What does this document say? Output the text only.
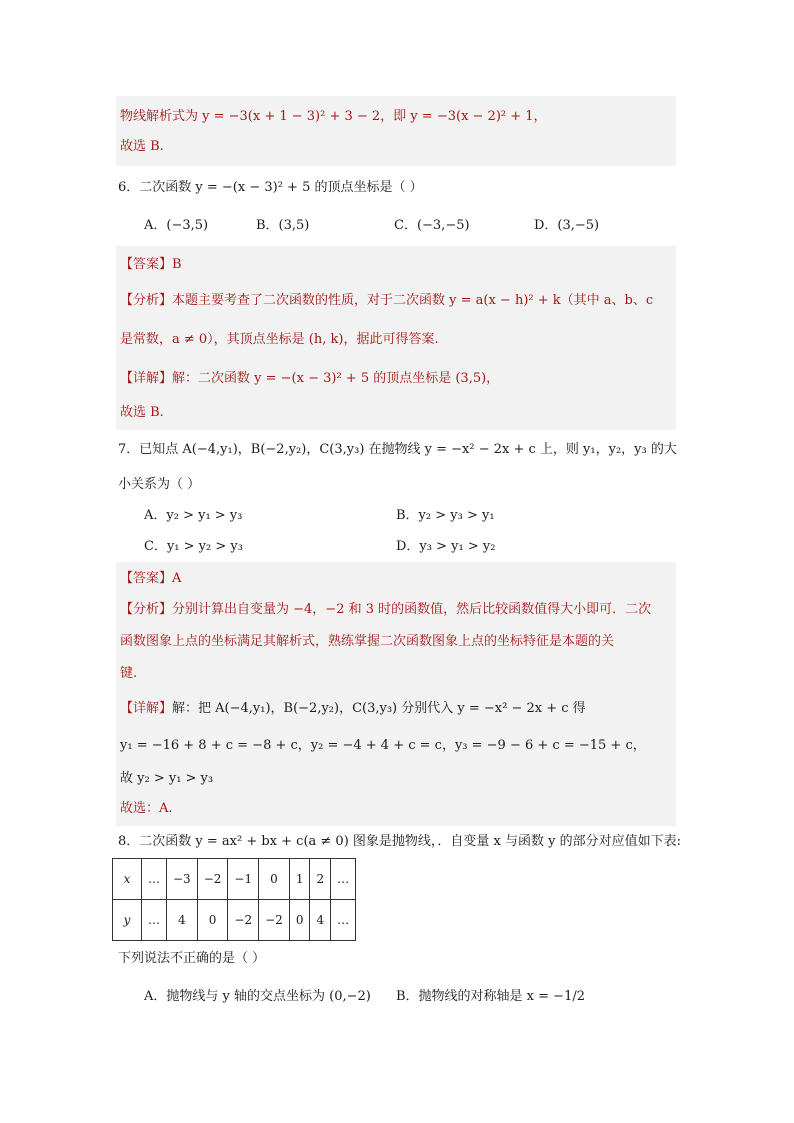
物线解析式为 y = −3(x + 1 − 3)² + 3 − 2，即 y = −3(x − 2)² + 1，
故选 B.
6．二次函数 y = −(x − 3)² + 5 的顶点坐标是（ ）
A．(−3,5)	B．(3,5)	C．(−3,−5)	D．(3,−5)
【答案】B
【分析】本题主要考查了二次函数的性质，对于二次函数 y = a(x − h)² + k（其中 a、b、c
是常数，a ≠ 0），其顶点坐标是 (h, k)，据此可得答案.
【详解】解：二次函数 y = −(x − 3)² + 5 的顶点坐标是 (3,5)，
故选 B.
7．已知点 A(−4,y₁)，B(−2,y₂)，C(3,y₃) 在抛物线 y = −x² − 2x + c 上，则 y₁，y₂，y₃ 的大
小关系为（ ）
A．y₂ > y₁ > y₃	B．y₂ > y₃ > y₁
C．y₁ > y₂ > y₃	D．y₃ > y₁ > y₂
【答案】A
【分析】分别计算出自变量为 −4，−2 和 3 时的函数值，然后比较函数值得大小即可．二次
函数图象上点的坐标满足其解析式，熟练掌握二次函数图象上点的坐标特征是本题的关
键.
【详解】解：把 A(−4,y₁)，B(−2,y₂)，C(3,y₃) 分别代入 y = −x² − 2x + c 得
y₁ = −16 + 8 + c = −8 + c，y₂ = −4 + 4 + c = c，y₃ = −9 − 6 + c = −15 + c，
故 y₂ > y₁ > y₃
故选：A.
8．二次函数 y = ax² + bx + c(a ≠ 0) 图象是抛物线，．自变量 x 与函数 y 的部分对应值如下表:
x	…	−3	−2	−1	0	1	2	…
y	…	4	0	−2	−2	0	4	…
下列说法不正确的是（ ）
A．抛物线与 y 轴的交点坐标为 (0,−2)	B．抛物线的对称轴是 x = −1/2
